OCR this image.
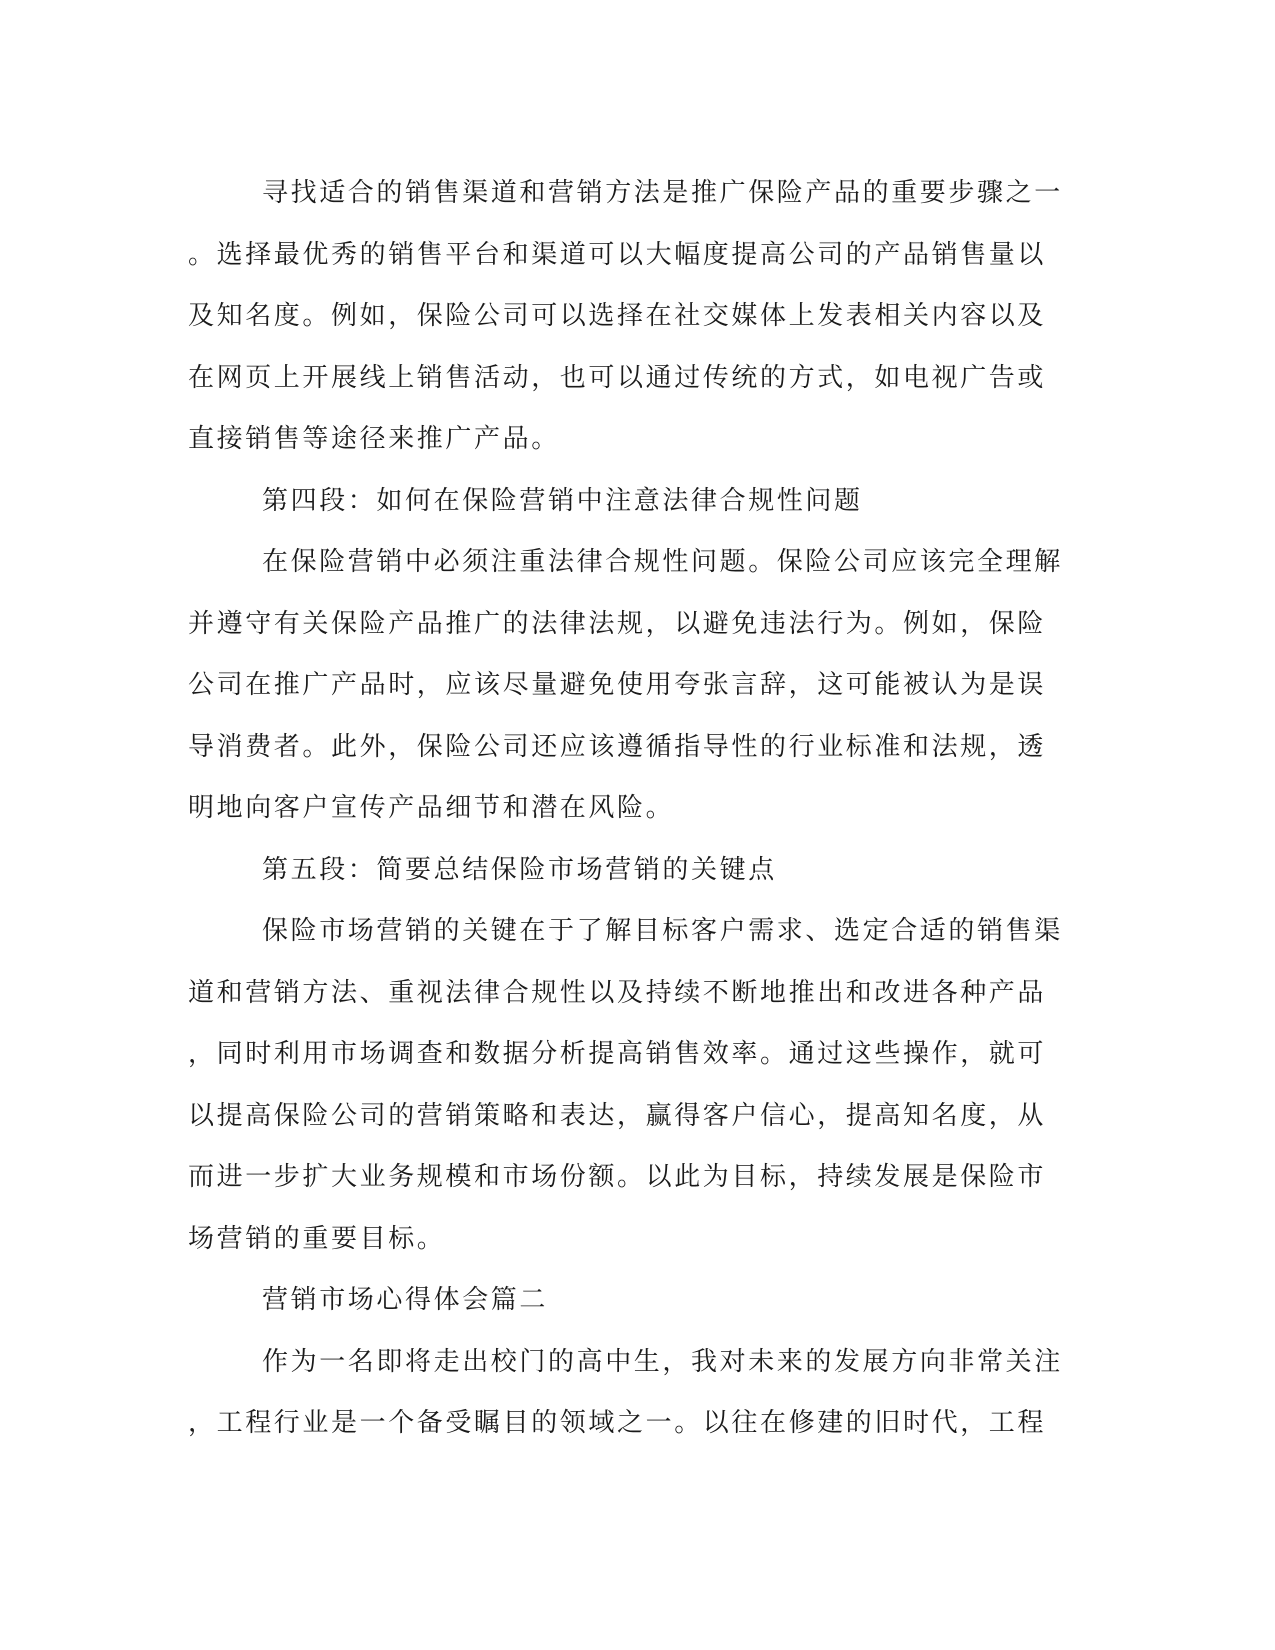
寻找适合的销售渠道和营销方法是推广保险产品的重要步骤之一
。选择最优秀的销售平台和渠道可以大幅度提高公司的产品销售量以
及知名度。例如，保险公司可以选择在社交媒体上发表相关内容以及
在网页上开展线上销售活动，也可以通过传统的方式，如电视广告或
直接销售等途径来推广产品。
第四段：如何在保险营销中注意法律合规性问题
在保险营销中必须注重法律合规性问题。保险公司应该完全理解
并遵守有关保险产品推广的法律法规，以避免违法行为。例如，保险
公司在推广产品时，应该尽量避免使用夸张言辞，这可能被认为是误
导消费者。此外，保险公司还应该遵循指导性的行业标准和法规，透
明地向客户宣传产品细节和潜在风险。
第五段：简要总结保险市场营销的关键点
保险市场营销的关键在于了解目标客户需求、选定合适的销售渠
道和营销方法、重视法律合规性以及持续不断地推出和改进各种产品
，同时利用市场调查和数据分析提高销售效率。通过这些操作，就可
以提高保险公司的营销策略和表达，赢得客户信心，提高知名度，从
而进一步扩大业务规模和市场份额。以此为目标，持续发展是保险市
场营销的重要目标。
营销市场心得体会篇二
作为一名即将走出校门的高中生，我对未来的发展方向非常关注
，工程行业是一个备受瞩目的领域之一。以往在修建的旧时代，工程
